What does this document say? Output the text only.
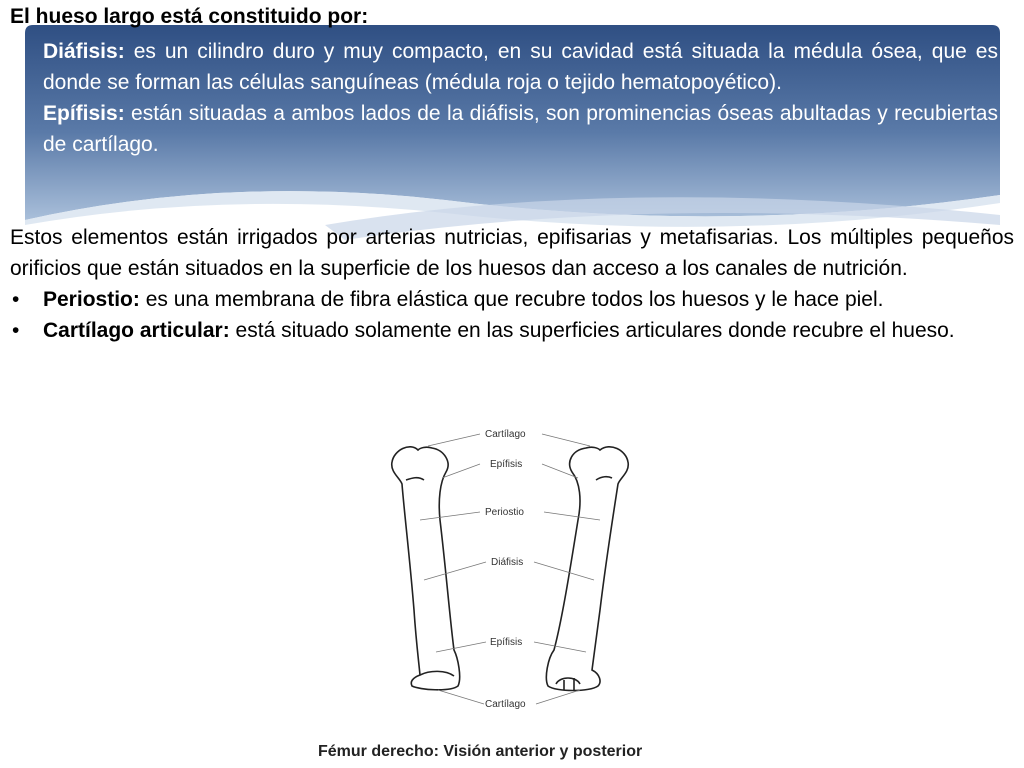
El hueso largo está constituido por:

Diáfisis: es un cilindro duro y muy compacto, en su cavidad está situada la médula ósea, que es donde se forman las células sanguíneas (médula roja o tejido hematopoyético).

Epífisis: están situadas a ambos lados de la diáfisis, son prominencias óseas abultadas y recubiertas de cartílago.

Estos elementos están irrigados por arterias nutricias, epifisarias y metafisarias. Los múltiples pequeños orificios que están situados en la superficie de los huesos dan acceso a los canales de nutrición.

• Periostio: es una membrana de fibra elástica que recubre todos los huesos y le hace piel.
• Cartílago articular: está situado solamente en las superficies articulares donde recubre el hueso.
Cartílago
Epífisis
Periostio
Diáfisis
Epífisis
Cartílago

Fémur derecho: Visión anterior y posterior
